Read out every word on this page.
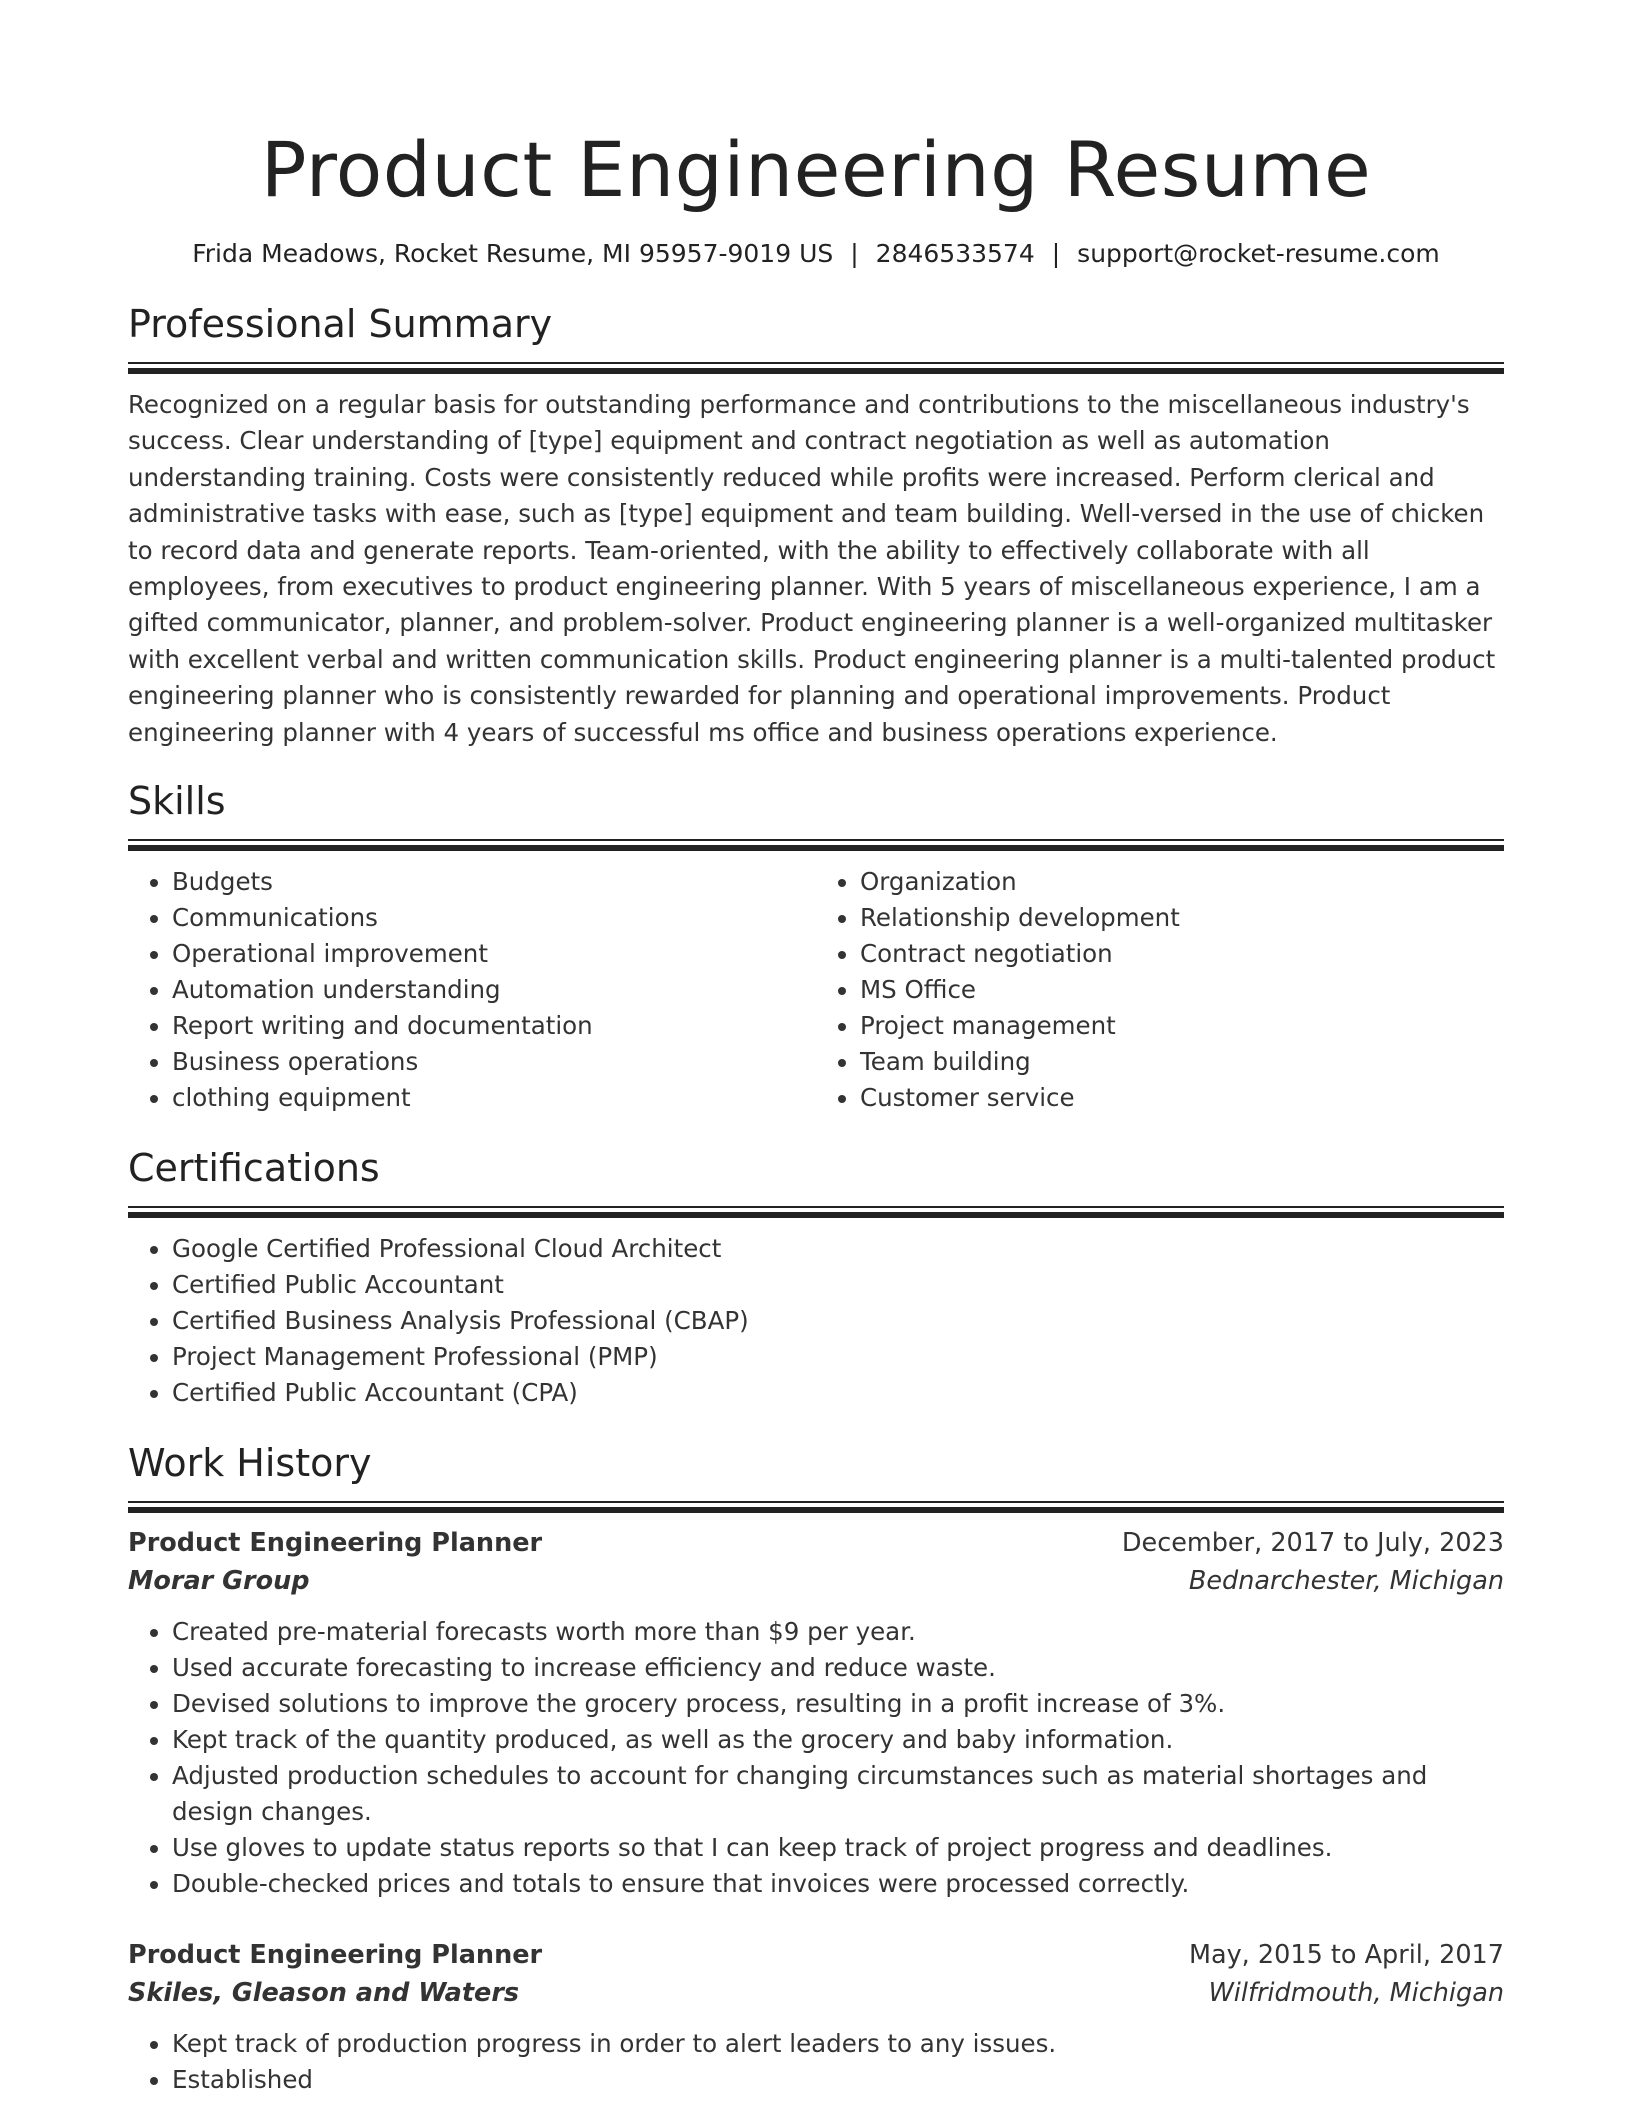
Product Engineering Resume
Frida Meadows, Rocket Resume, MI 95957-9019 US | 2846533574 | support@rocket-resume.com
Professional Summary
Recognized on a regular basis for outstanding performance and contributions to the miscellaneous industry's success. Clear understanding of [type] equipment and contract negotiation as well as automation understanding training. Costs were consistently reduced while profits were increased. Perform clerical and administrative tasks with ease, such as [type] equipment and team building. Well-versed in the use of chicken to record data and generate reports. Team-oriented, with the ability to effectively collaborate with all employees, from executives to product engineering planner. With 5 years of miscellaneous experience, I am a gifted communicator, planner, and problem-solver. Product engineering planner is a well-organized multitasker with excellent verbal and written communication skills. Product engineering planner is a multi-talented product engineering planner who is consistently rewarded for planning and operational improvements. Product engineering planner with 4 years of successful ms office and business operations experience.
Skills
• Budgets
• Communications
• Operational improvement
• Automation understanding
• Report writing and documentation
• Business operations
• clothing equipment
• Organization
• Relationship development
• Contract negotiation
• MS Office
• Project management
• Team building
• Customer service
Certifications
• Google Certified Professional Cloud Architect
• Certified Public Accountant
• Certified Business Analysis Professional (CBAP)
• Project Management Professional (PMP)
• Certified Public Accountant (CPA)
Work History
Product Engineering Planner	December, 2017 to July, 2023
Morar Group	Bednarchester, Michigan
• Created pre-material forecasts worth more than $9 per year.
• Used accurate forecasting to increase efficiency and reduce waste.
• Devised solutions to improve the grocery process, resulting in a profit increase of 3%.
• Kept track of the quantity produced, as well as the grocery and baby information.
• Adjusted production schedules to account for changing circumstances such as material shortages and design changes.
• Use gloves to update status reports so that I can keep track of project progress and deadlines.
• Double-checked prices and totals to ensure that invoices were processed correctly.
Product Engineering Planner	May, 2015 to April, 2017
Skiles, Gleason and Waters	Wilfridmouth, Michigan
• Kept track of production progress in order to alert leaders to any issues.
• Established
